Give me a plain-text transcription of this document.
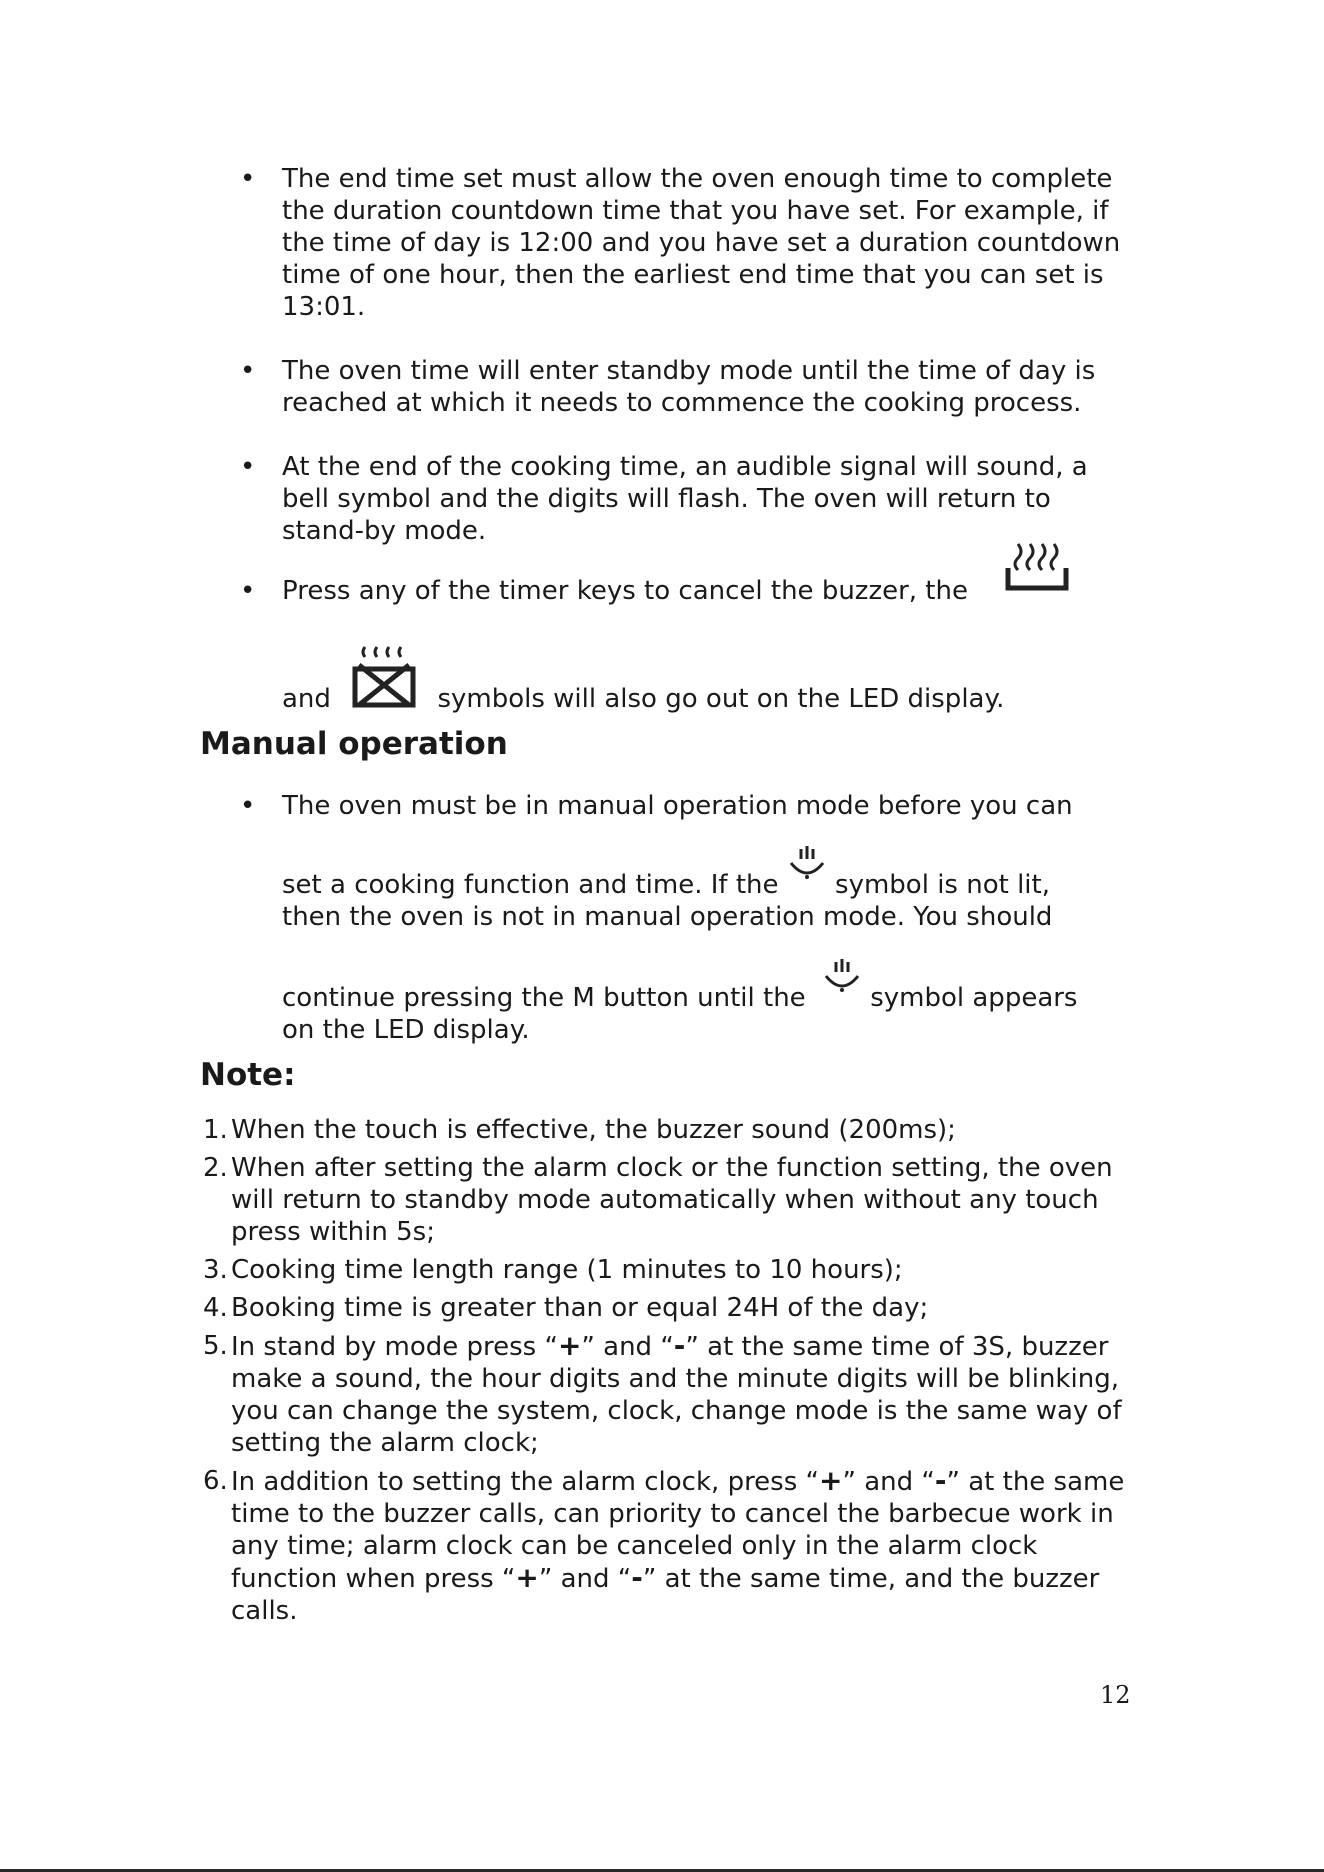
• The end time set must allow the oven enough time to complete the duration countdown time that you have set. For example, if the time of day is 12:00 and you have set a duration countdown time of one hour, then the earliest end time that you can set is 13:01.

• The oven time will enter standby mode until the time of day is reached at which it needs to commence the cooking process.

• At the end of the cooking time, an audible signal will sound, a bell symbol and the digits will flash. The oven will return to stand-by mode.

• Press any of the timer keys to cancel the buzzer, the

and	symbols will also go out on the LED display.

Manual operation

• The oven must be in manual operation mode before you can

set a cooking function and time. If the symbol is not lit,

then the oven is not in manual operation mode. You should

continue pressing the M button until the symbol appears

on the LED display.

Note:
1. When the touch is effective, the buzzer sound (200ms);
2. When after setting the alarm clock or the function setting, the oven will return to standby mode automatically when without any touch press within 5s;
3. Cooking time length range (1 minutes to 10 hours);
4. Booking time is greater than or equal 24H of the day;
5. In stand by mode press “+” and “-” at the same time of 3S, buzzer make a sound, the hour digits and the minute digits will be blinking, you can change the system, clock, change mode is the same way of setting the alarm clock;
6. In addition to setting the alarm clock, press “+” and “-” at the same time to the buzzer calls, can priority to cancel the barbecue work in any time; alarm clock can be canceled only in the alarm clock function when press “+” and “-” at the same time, and the buzzer calls.
12
